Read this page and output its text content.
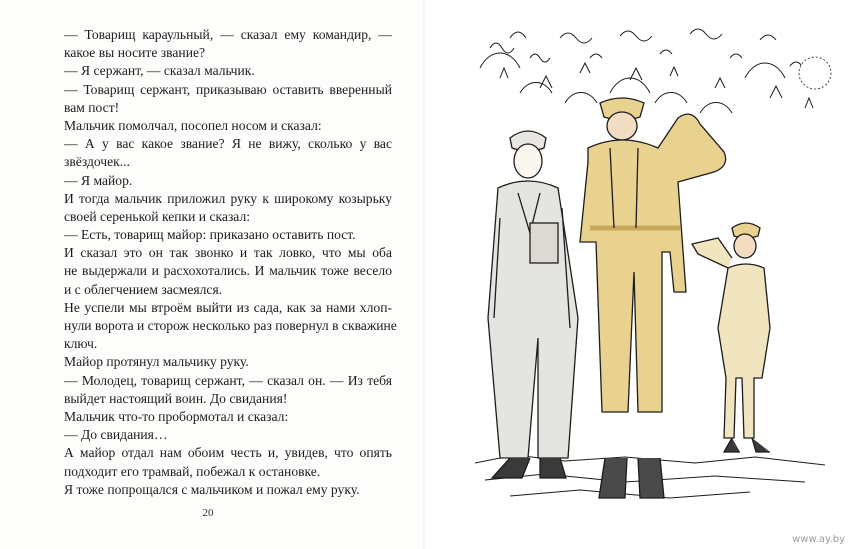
— Товарищ караульный, — сказал ему командир, —
какое вы носите звание?
— Я сержант, — сказал мальчик.
— Товарищ сержант, приказываю оставить вверенный
вам пост!
Мальчик помолчал, посопел носом и сказал:
— А у вас какое звание? Я не вижу, сколько у вас
звёздочек...
— Я майор.
И тогда мальчик приложил руку к широкому козырьку
своей серенькой кепки и сказал:
— Есть, товарищ майор: приказано оставить пост.
И сказал это он так звонко и так ловко, что мы оба
не выдержали и расхохотались. И мальчик тоже весело
и с облегчением засмеялся.
Не успели мы втроём выйти из сада, как за нами хлоп-
нули ворота и сторож несколько раз повернул в скважине
ключ.
Майор протянул мальчику руку.
— Молодец, товарищ сержант, — сказал он. — Из тебя
выйдет настоящий воин. До свидания!
Мальчик что-то пробормотал и сказал:
— До свидания…
А майор отдал нам обоим честь и, увидев, что опять
подходит его трамвай, побежал к остановке.
Я тоже попрощался с мальчиком и пожал ему руку.
20
www.ay.by
